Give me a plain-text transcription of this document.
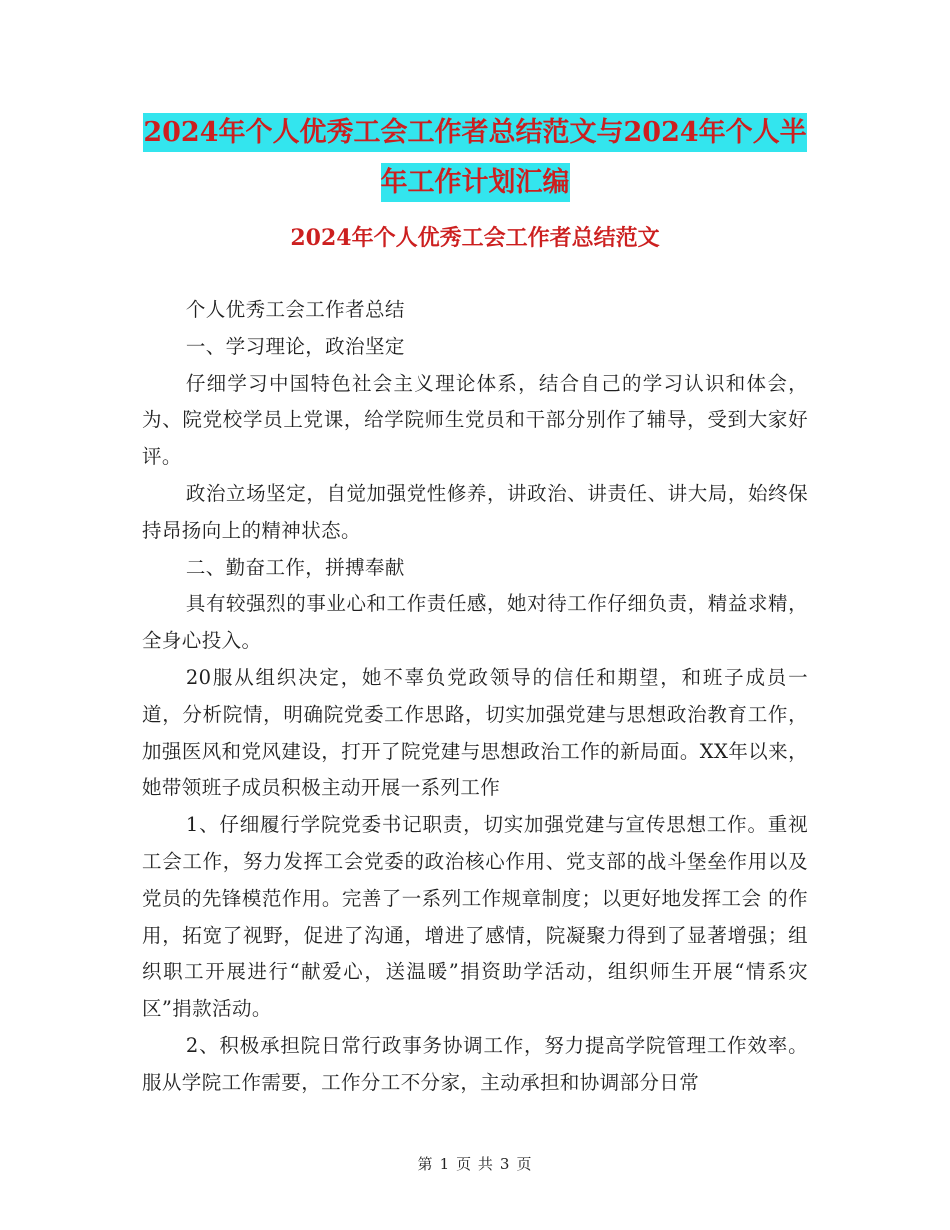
2024年个人优秀工会工作者总结范文与2024年个人半年工作计划汇编
2024年个人优秀工会工作者总结范文

个人优秀工会工作者总结

一、学习理论，政治坚定

仔细学习中国特色社会主义理论体系，结合自己的学习认识和体会，为、院党校学员上党课，给学院师生党员和干部分别作了辅导，受到大家好评。

政治立场坚定，自觉加强党性修养，讲政治、讲责任、讲大局，始终保持昂扬向上的精神状态。

二、勤奋工作，拼搏奉献

具有较强烈的事业心和工作责任感，她对待工作仔细负责，精益求精，全身心投入。

20服从组织决定，她不辜负党政领导的信任和期望，和班子成员一道，分析院情，明确院党委工作思路，切实加强党建与思想政治教育工作，加强医风和党风建设，打开了院党建与思想政治工作的新局面。XX年以来，她带领班子成员积极主动开展一系列工作

1、仔细履行学院党委书记职责，切实加强党建与宣传思想工作。重视工会工作，努力发挥工会党委的政治核心作用、党支部的战斗堡垒作用以及党员的先锋模范作用。完善了一系列工作规章制度；以更好地发挥工会 的作用，拓宽了视野，促进了沟通，增进了感情，院凝聚力得到了显著增强；组织职工开展进行“献爱心，送温暖”捐资助学活动，组织师生开展“情系灾区”捐款活动。

2、积极承担院日常行政事务协调工作，努力提高学院管理工作效率。服从学院工作需要，工作分工不分家，主动承担和协调部分日常

第 1 页 共 3 页
